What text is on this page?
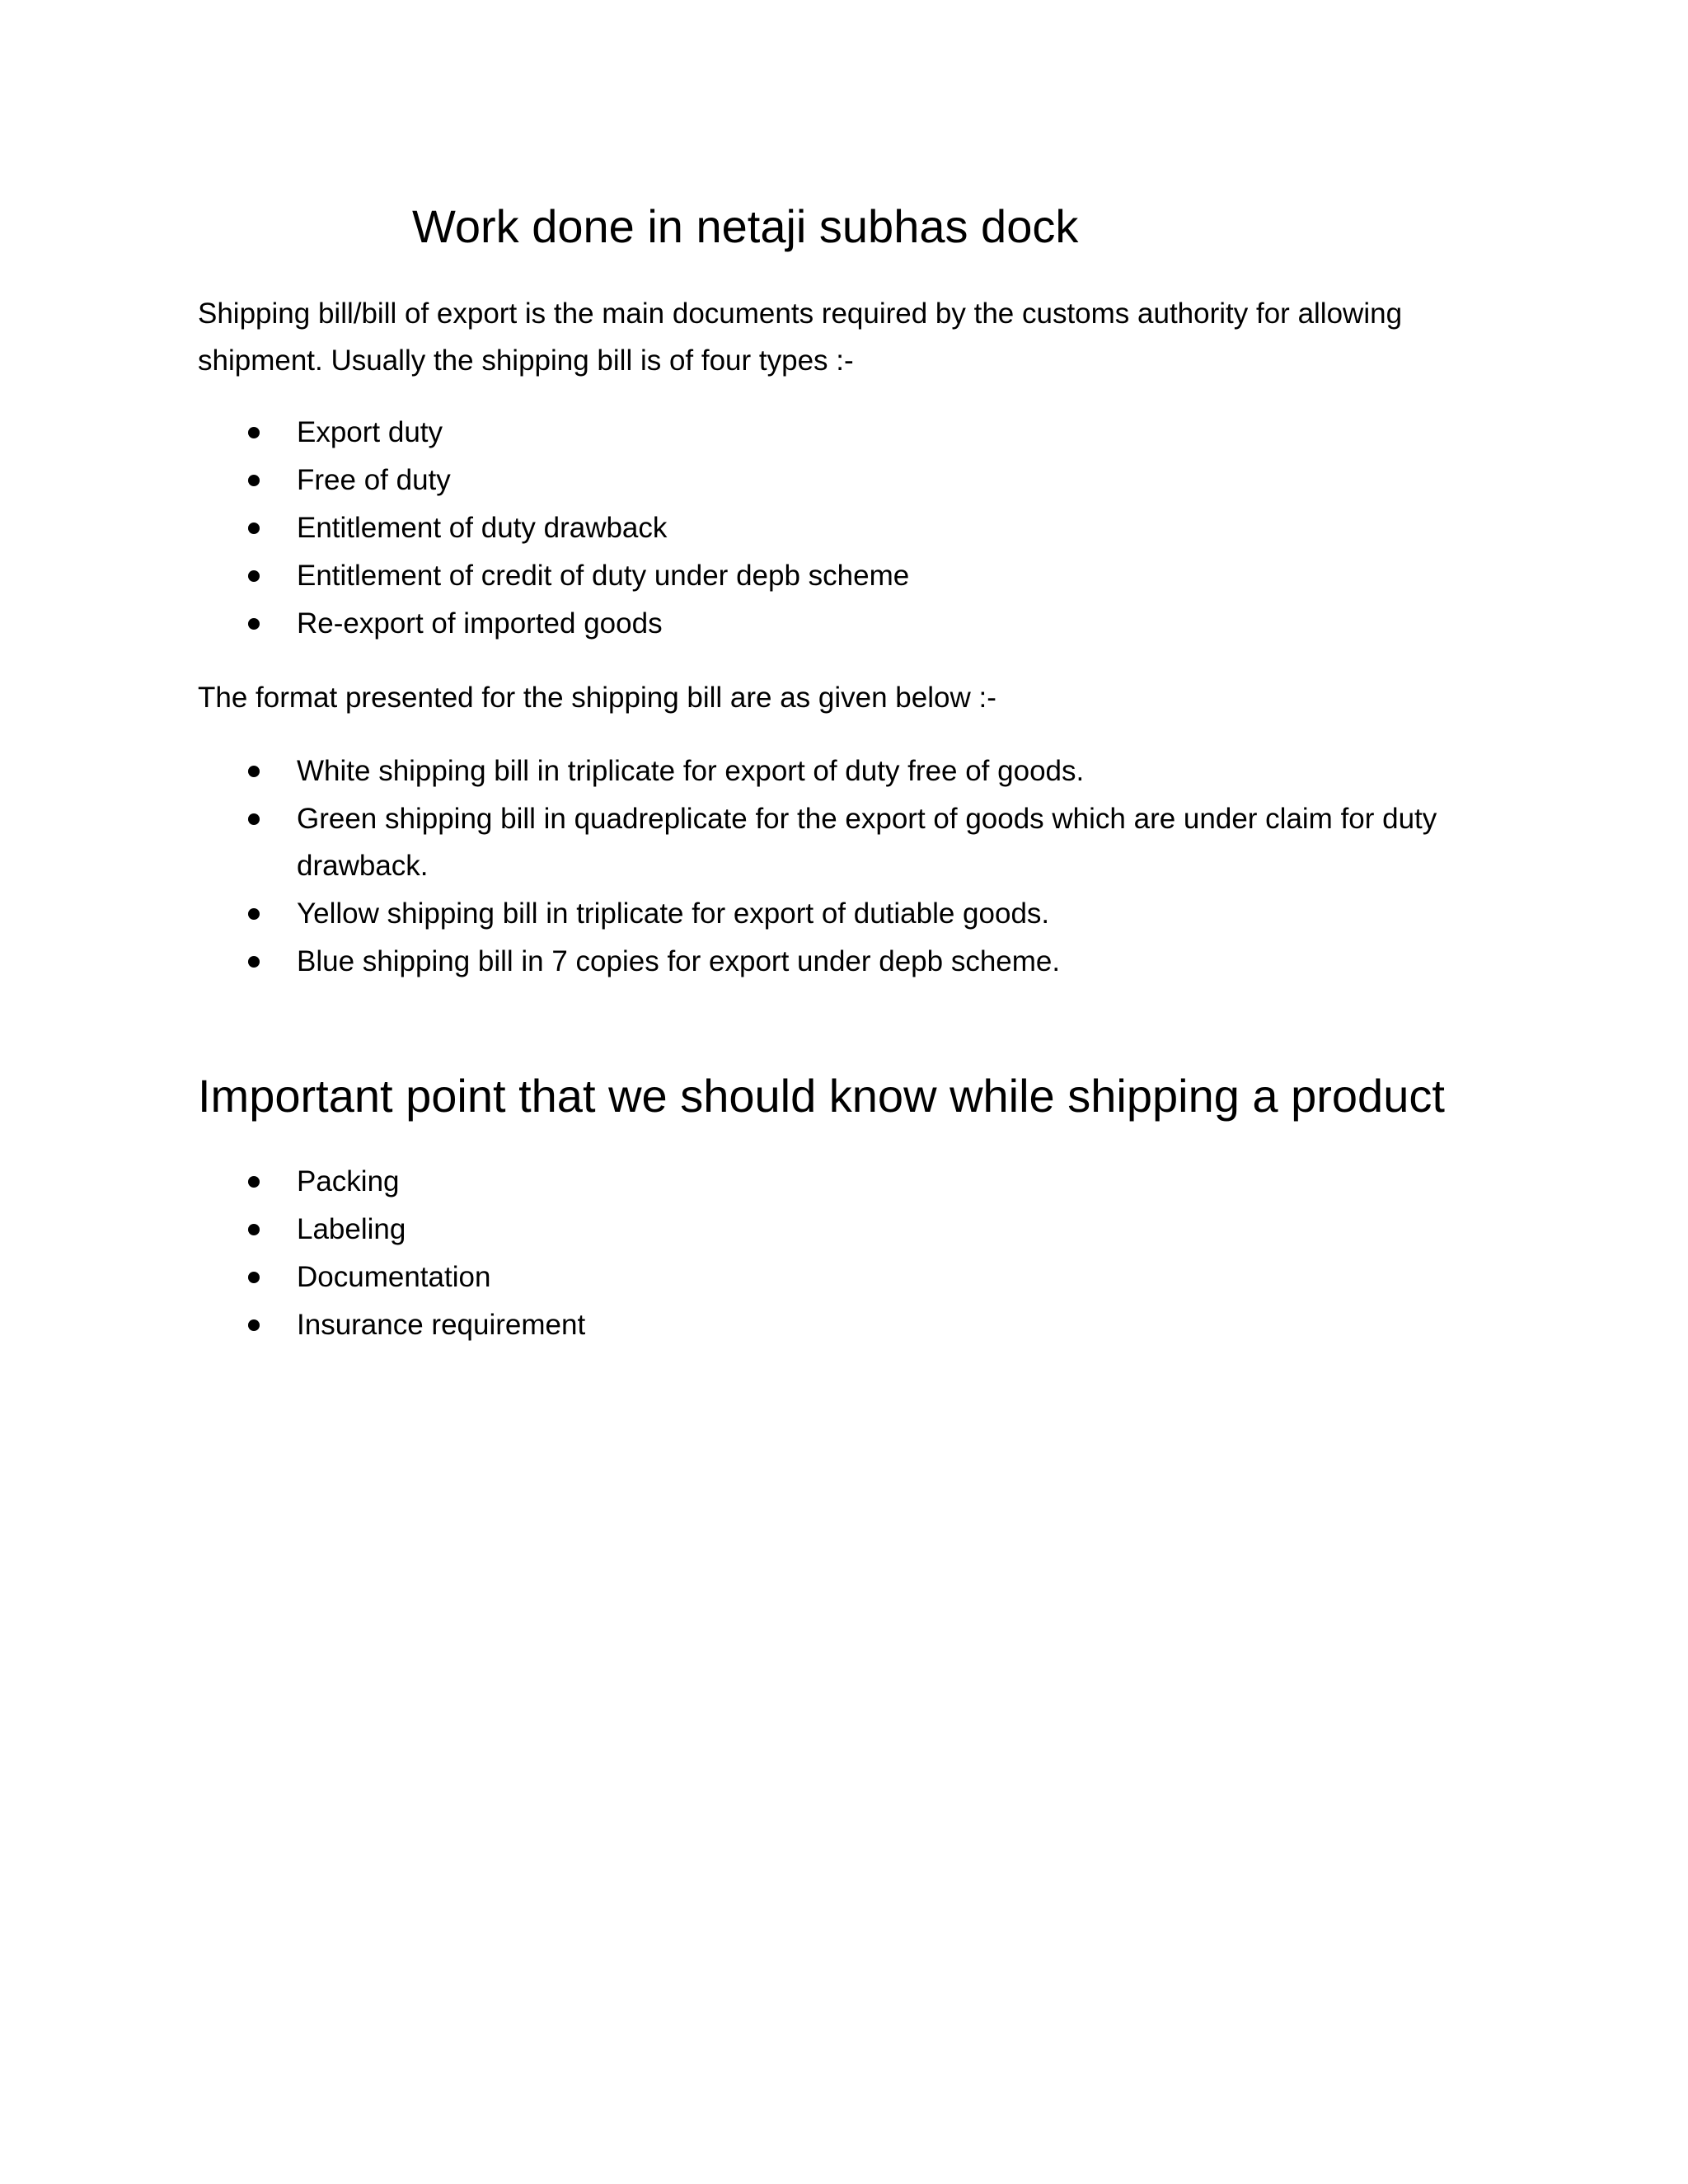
Work done in netaji subhas dock

Shipping bill/bill of export is the main documents required by the customs authority for allowing shipment. Usually the shipping bill is of four types :-

Export duty
Free of duty
Entitlement of duty drawback
Entitlement of credit of duty under depb scheme
Re-export of imported goods

The format presented for the shipping bill are as given below :-

White shipping bill in triplicate for export of duty free of goods.
Green shipping bill in quadreplicate for the export of goods which are under claim for duty drawback.
Yellow shipping bill in triplicate for export of dutiable goods.
Blue shipping bill in 7 copies for export under depb scheme.
Important point that we should know while shipping a product
Packing
Labeling
Documentation
Insurance requirement
